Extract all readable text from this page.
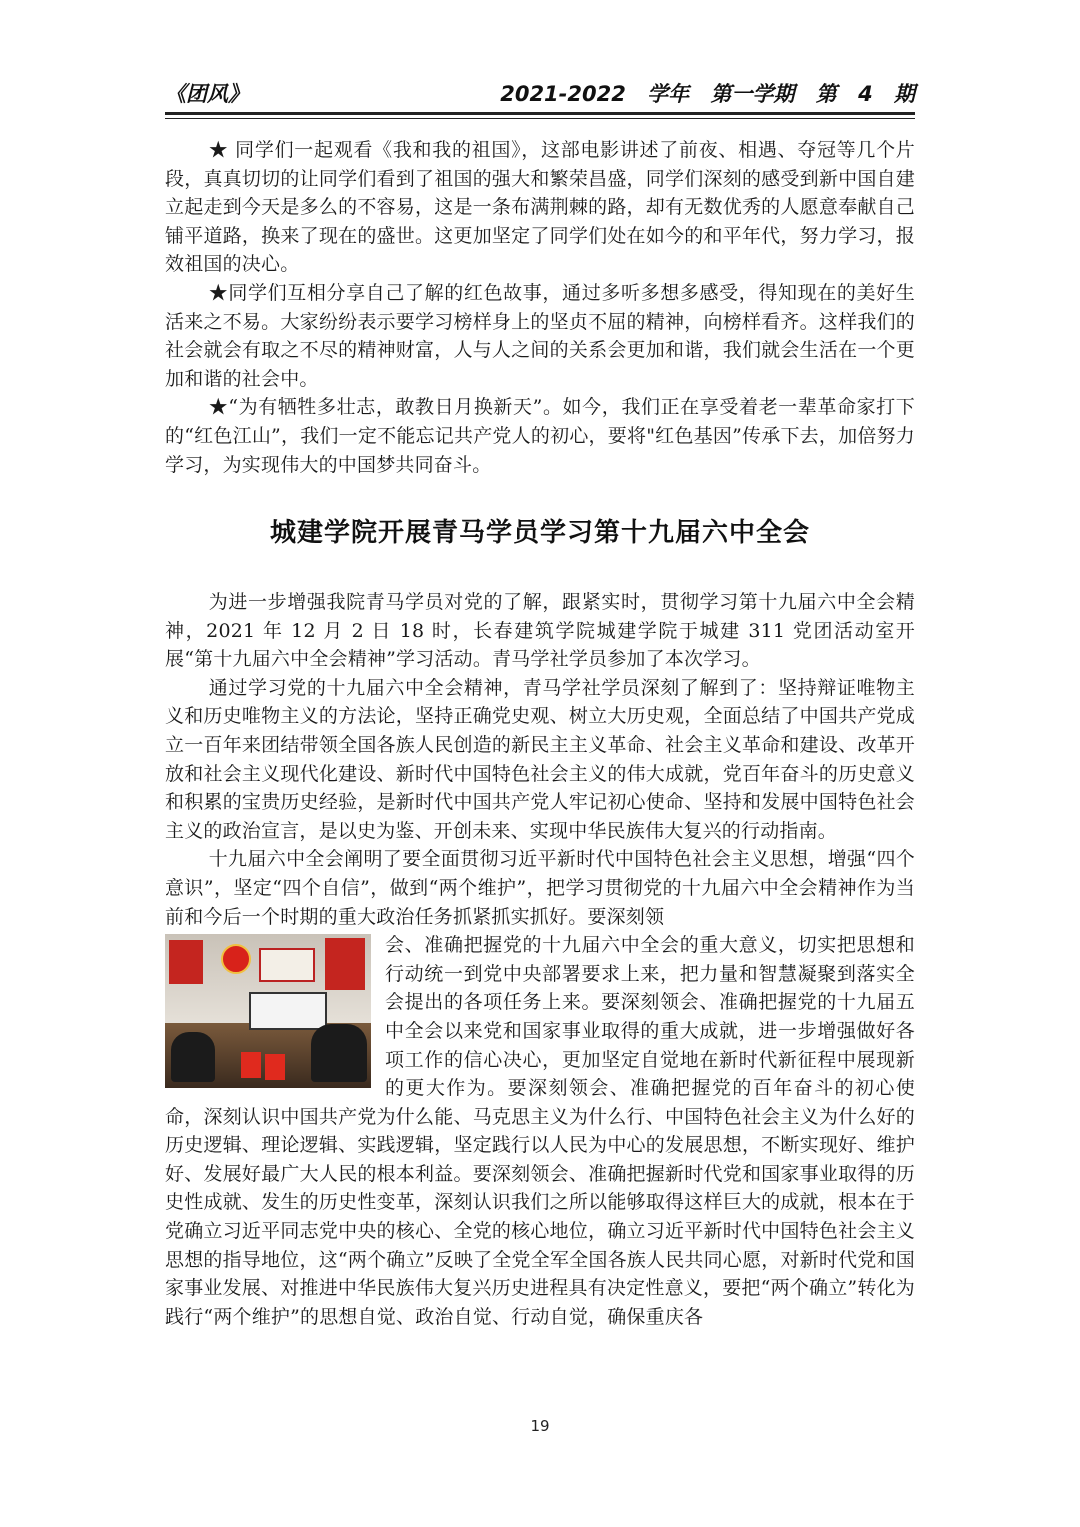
《团风》	2021-2022 学年 第一学期 第 4 期

★ 同学们一起观看《我和我的祖国》，这部电影讲述了前夜、相遇、夺冠等几个片段，真真切切的让同学们看到了祖国的强大和繁荣昌盛，同学们深刻的感受到新中国自建立起走到今天是多么的不容易，这是一条布满荆棘的路，却有无数优秀的人愿意奉献自己铺平道路，换来了现在的盛世。这更加坚定了同学们处在如今的和平年代，努力学习，报效祖国的决心。

★同学们互相分享自己了解的红色故事，通过多听多想多感受，得知现在的美好生活来之不易。大家纷纷表示要学习榜样身上的坚贞不屈的精神，向榜样看齐。这样我们的社会就会有取之不尽的精神财富，人与人之间的关系会更加和谐，我们就会生活在一个更加和谐的社会中。

★“为有牺牲多壮志，敢教日月换新天”。如今，我们正在享受着老一辈革命家打下的“红色江山”，我们一定不能忘记共产党人的初心，要将"红色基因”传承下去，加倍努力学习，为实现伟大的中国梦共同奋斗。

城建学院开展青马学员学习第十九届六中全会

为进一步增强我院青马学员对党的了解，跟紧实时，贯彻学习第十九届六中全会精神，2021 年 12 月 2 日 18 时，长春建筑学院城建学院于城建 311 党团活动室开展“第十九届六中全会精神”学习活动。青马学社学员参加了本次学习。

通过学习党的十九届六中全会精神，青马学社学员深刻了解到了：坚持辩证唯物主义和历史唯物主义的方法论，坚持正确党史观、树立大历史观，全面总结了中国共产党成立一百年来团结带领全国各族人民创造的新民主主义革命、社会主义革命和建设、改革开放和社会主义现代化建设、新时代中国特色社会主义的伟大成就，党百年奋斗的历史意义和积累的宝贵历史经验，是新时代中国共产党人牢记初心使命、坚持和发展中国特色社会主义的政治宣言，是以史为鉴、开创未来、实现中华民族伟大复兴的行动指南。

十九届六中全会阐明了要全面贯彻习近平新时代中国特色社会主义思想，增强“四个意识”，坚定“四个自信”，做到“两个维护”，把学习贯彻党的十九届六中全会精神作为当前和今后一个时期的重大政治任务抓紧抓实抓好。要深刻领

会、准确把握党的十九届六中全会的重大意义，切实把思想和行动统一到党中央部署要求上来，把力量和智慧凝聚到落实全会提出的各项任务上来。要深刻领会、准确把握党的十九届五中全会以来党和国家事业取得的重大成就，进一步增强做好各项工作的信心决心，更加坚定自觉地在新时代新征程中展现新的更大作为。要深刻领会、准确把握党的百年奋斗的初心使命，深刻认识中国共产党为什么能、马克思主义为什么行、中国特色社会主义为什么好的历史逻辑、理论逻辑、实践逻辑，坚定践行以人民为中心的发展思想，不断实现好、维护好、发展好最广大人民的根本利益。要深刻领会、准确把握新时代党和国家事业取得的历史性成就、发生的历史性变革，深刻认识我们之所以能够取得这样巨大的成就，根本在于党确立习近平同志党中央的核心、全党的核心地位，确立习近平新时代中国特色社会主义思想的指导地位，这“两个确立”反映了全党全军全国各族人民共同心愿，对新时代党和国家事业发展、对推进中华民族伟大复兴历史进程具有决定性意义，要把“两个确立”转化为践行“两个维护”的思想自觉、政治自觉、行动自觉，确保重庆各

19
